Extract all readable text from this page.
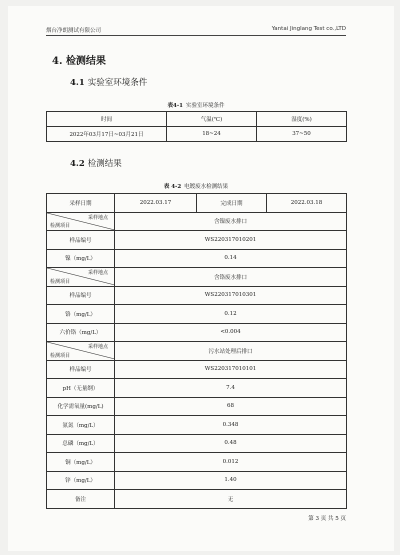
烟台净朗测试有限公司	Yantai Jinglang Test co.,LTD
4. 检测结果
4.1 实验室环境条件
表4-1 实验室环境条件
时间	气温(℃)	湿度(%)
2022年03月17日~03月21日	18~24	37~50
4.2 检测结果
表 4-2 电镀废水检测结果
采样日期	2022.03.17	完成日期	2022.03.18

采样地点
检测项目	含镍废水排口		
样品编号	WS220317010201		
镍（mg/L）	0.14		

采样地点
检测项目	含铬废水排口		
样品编号	WS220317010301		
铬（mg/L）	0.12		
六价铬（mg/L）	<0.004		

采样地点
检测项目	污水站处理后排口		
样品编号	WS220317010101		
pH（无量纲）	7.4		
化学需氧量(mg/L)	68		
氨氮（mg/L）	0.348		
总磷（mg/L）	0.48		
铜（mg/L）	0.012		
锌（mg/L）	1.40		
备注	无		
第 3 页 共 5 页
